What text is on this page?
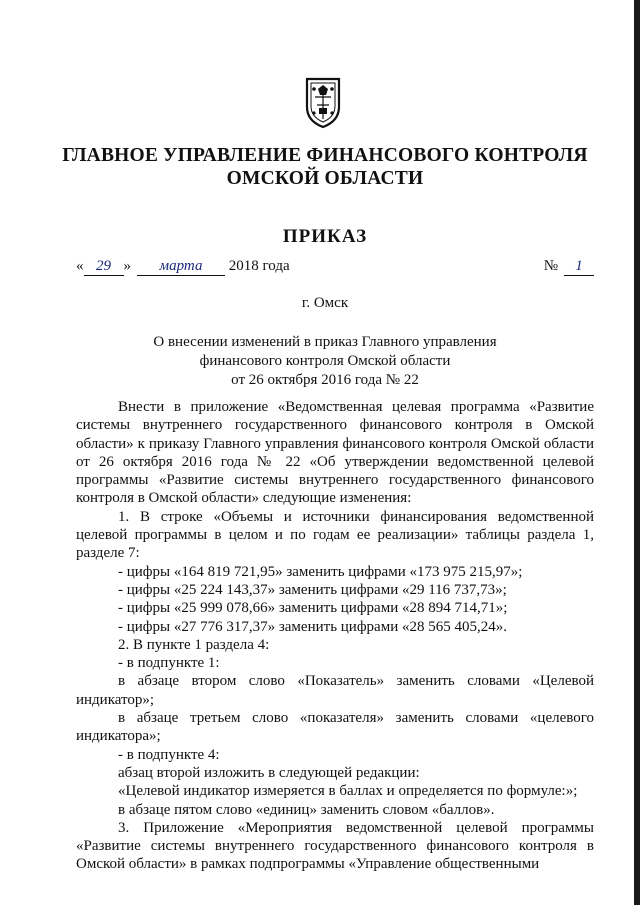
ГЛАВНОЕ УПРАВЛЕНИЕ ФИНАНСОВОГО КОНТРОЛЯ
ОМСКОЙ ОБЛАСТИ
ПРИКАЗ
« 29 » марта 2018 года	№ 1
г. Омск
О внесении изменений в приказ Главного управления
финансового контроля Омской области
от 26 октября 2016 года № 22

Внести в приложение «Ведомственная целевая программа «Развитие системы внутреннего государственного финансового контроля в Омской области» к приказу Главного управления финансового контроля Омской области от 26 октября 2016 года № 22 «Об утверждении ведомственной целевой программы «Развитие системы внутреннего государственного финансового контроля в Омской области» следующие изменения:

1. В строке «Объемы и источники финансирования ведомственной целевой программы в целом и по годам ее реализации» таблицы раздела 1, разделе 7:

- цифры «164 819 721,95» заменить цифрами «173 975 215,97»;

- цифры «25 224 143,37» заменить цифрами «29 116 737,73»;

- цифры «25 999 078,66» заменить цифрами «28 894 714,71»;

- цифры «27 776 317,37» заменить цифрами «28 565 405,24».

2. В пункте 1 раздела 4:

- в подпункте 1:

в абзаце втором слово «Показатель» заменить словами «Целевой индикатор»;

в абзаце третьем слово «показателя» заменить словами «целевого индикатора»;

- в подпункте 4:

абзац второй изложить в следующей редакции:

«Целевой индикатор измеряется в баллах и определяется по формуле:»;

в абзаце пятом слово «единиц» заменить словом «баллов».

3. Приложение «Мероприятия ведомственной целевой программы «Развитие системы внутреннего государственного финансового контроля в Омской области» в рамках подпрограммы «Управление общественными
